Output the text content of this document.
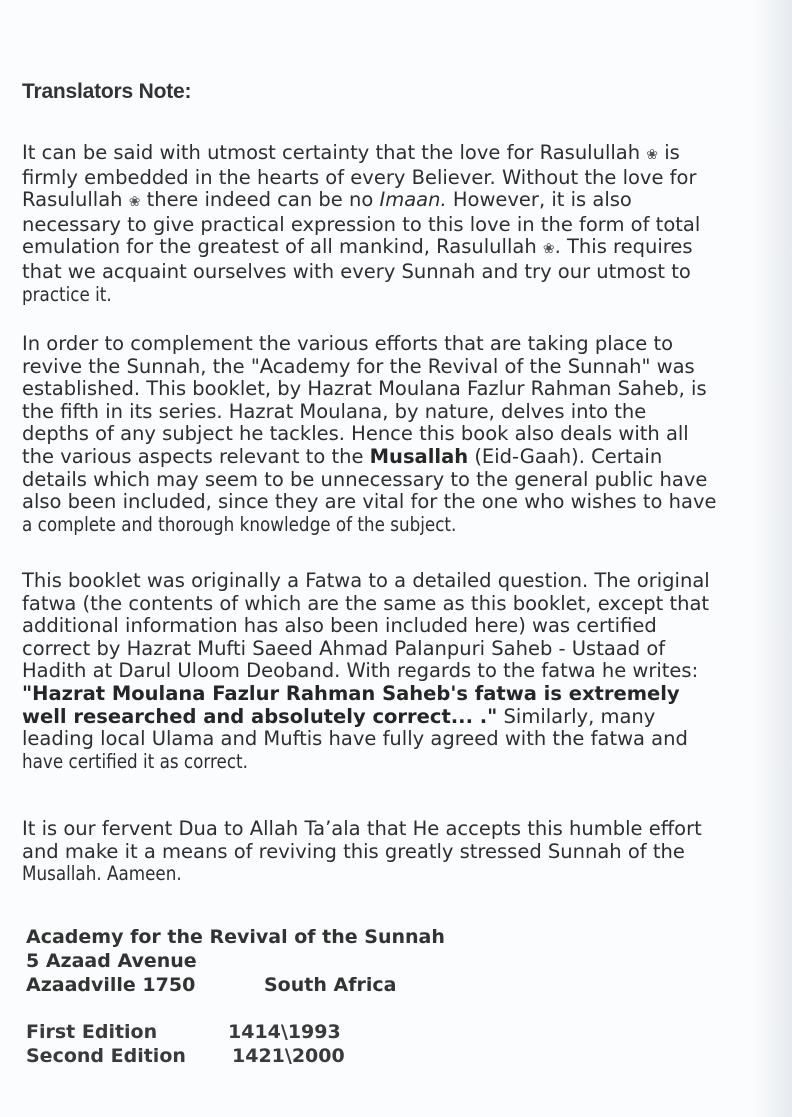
Translators Note:
It can be said with utmost certainty that the love for Rasulullah ❀ is
firmly embedded in the hearts of every Believer. Without the love for
Rasulullah ❀ there indeed can be no Imaan. However, it is also
necessary to give practical expression to this love in the form of total
emulation for the greatest of all mankind, Rasulullah ❀. This requires
that we acquaint ourselves with every Sunnah and try our utmost to
practice it.
In order to complement the various efforts that are taking place to
revive the Sunnah, the "Academy for the Revival of the Sunnah" was
established. This booklet, by Hazrat Moulana Fazlur Rahman Saheb, is
the fifth in its series. Hazrat Moulana, by nature, delves into the
depths of any subject he tackles. Hence this book also deals with all
the various aspects relevant to the Musallah (Eid-Gaah). Certain
details which may seem to be unnecessary to the general public have
also been included, since they are vital for the one who wishes to have
a complete and thorough knowledge of the subject.
This booklet was originally a Fatwa to a detailed question. The original
fatwa (the contents of which are the same as this booklet, except that
additional information has also been included here) was certified
correct by Hazrat Mufti Saeed Ahmad Palanpuri Saheb - Ustaad of
Hadith at Darul Uloom Deoband. With regards to the fatwa he writes:
"Hazrat Moulana Fazlur Rahman Saheb's fatwa is extremely
well researched and absolutely correct... ." Similarly, many
leading local Ulama and Muftis have fully agreed with the fatwa and
have certified it as correct.
It is our fervent Dua to Allah Ta’ala that He accepts this humble effort
and make it a means of reviving this greatly stressed Sunnah of the
Musallah. Aameen.
Academy for the Revival of the Sunnah
5 Azaad Avenue
Azaadville 1750	South Africa
First Edition	1414\1993
Second Edition 1421\2000
